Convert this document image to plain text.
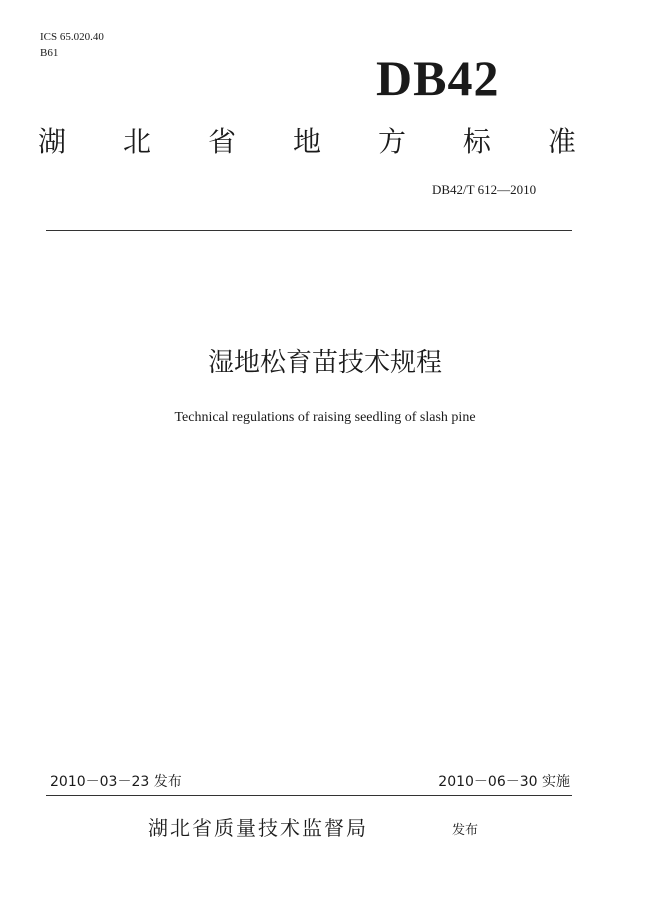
ICS 65.020.40
B61	DB42
湖 北 省 地 方 标 准
DB42/T 612—2010
湿地松育苗技术规程
Technical regulations of raising seedling of slash pine
2010－03－23 发布	2010－06－30 实施
湖北省质量技术监督局	发布
